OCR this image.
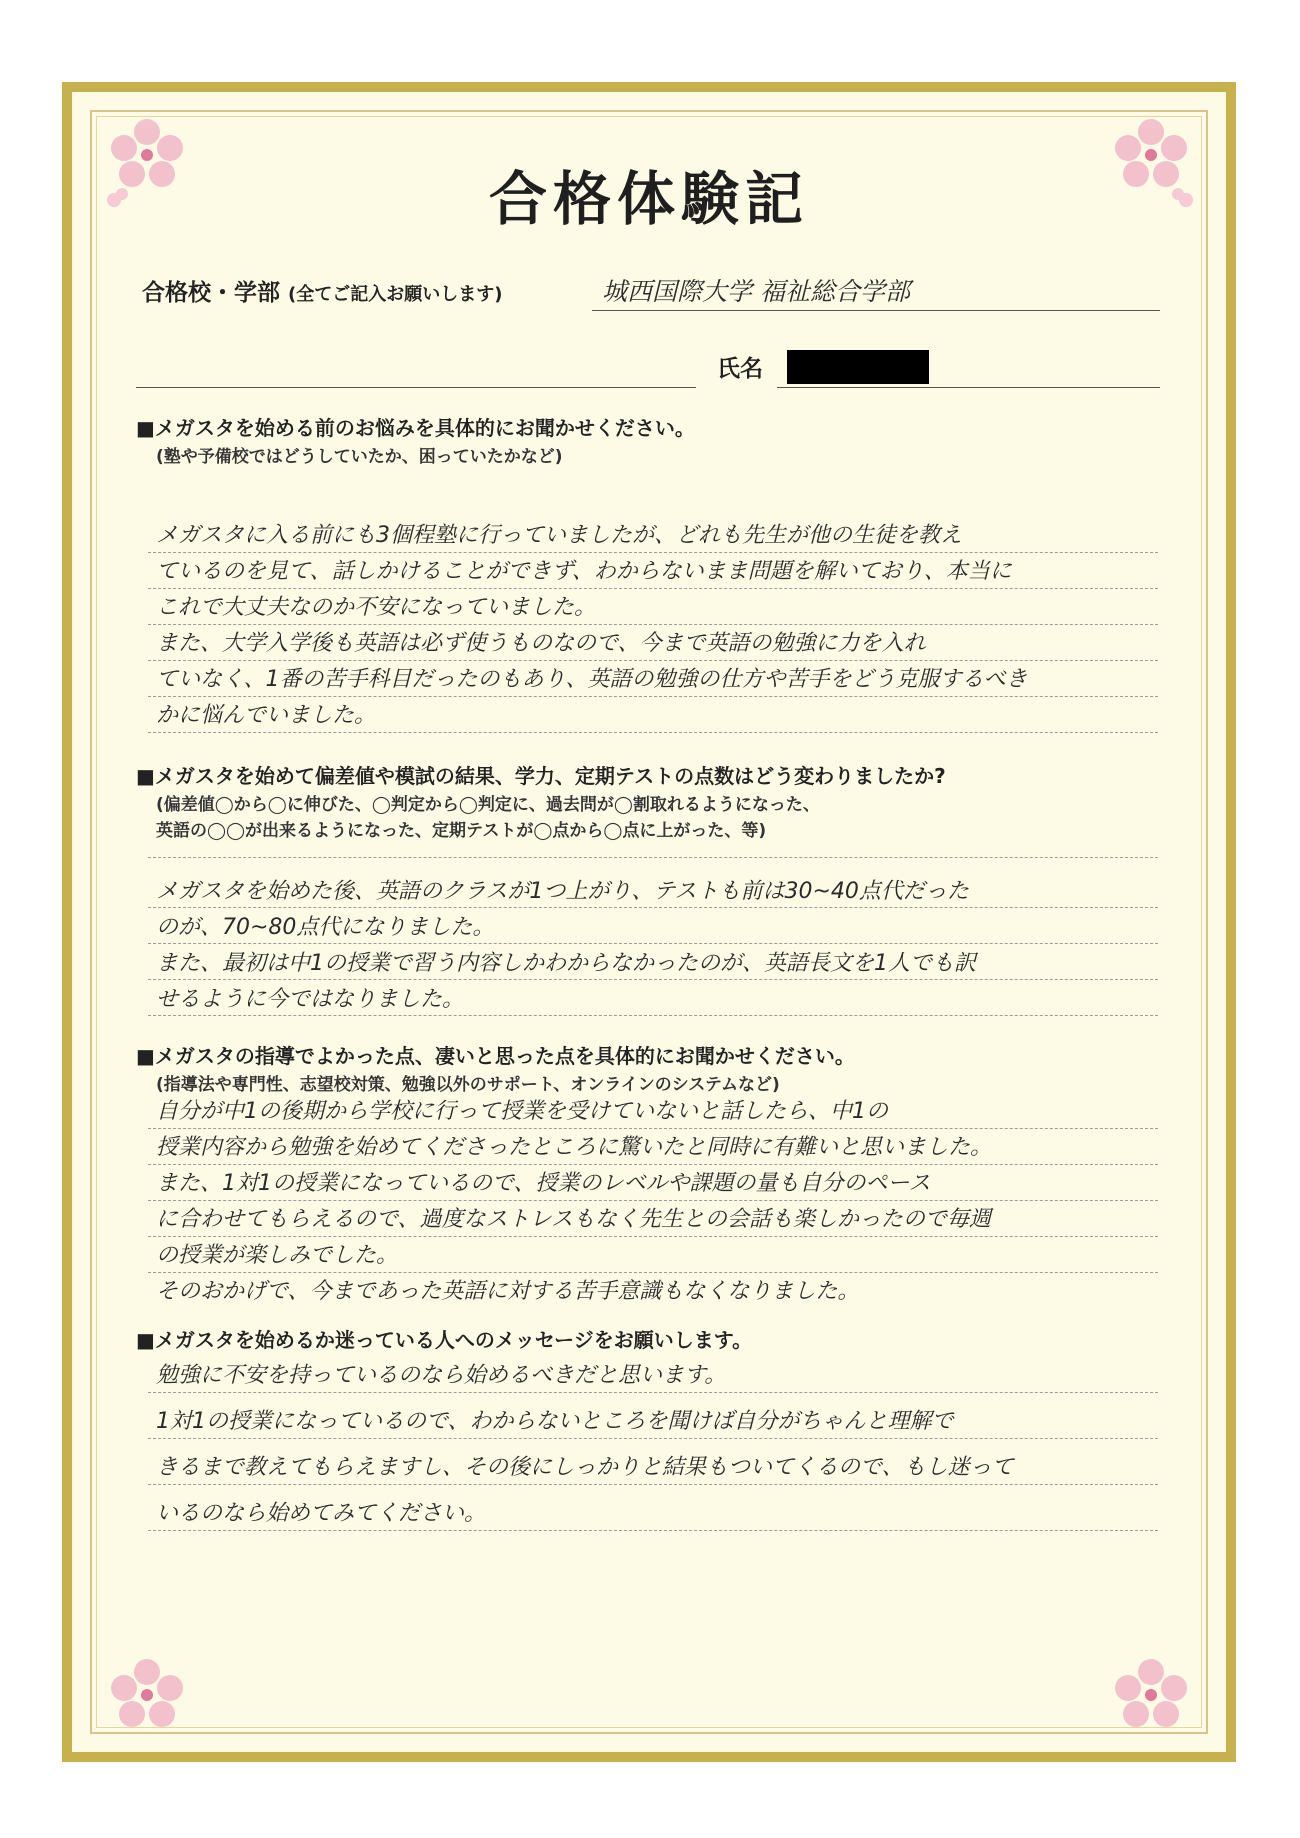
合格体験記
合格校・学部 (全てご記入お願いします)	城西国際大学 福祉総合学部
氏名
■メガスタを始める前のお悩みを具体的にお聞かせください。
(塾や予備校ではどうしていたか、困っていたかなど)
メガスタに入る前にも3個程塾に行っていましたが、どれも先生が他の生徒を教え
ているのを見て、話しかけることができず、わからないまま問題を解いており、本当に
これで大丈夫なのか不安になっていました。
また、大学入学後も英語は必ず使うものなので、今まで英語の勉強に力を入れ
ていなく、1番の苦手科目だったのもあり、英語の勉強の仕方や苦手をどう克服するべき
かに悩んでいました。
■メガスタを始めて偏差値や模試の結果、学力、定期テストの点数はどう変わりましたか?
(偏差値◯から◯に伸びた、◯判定から◯判定に、過去問が◯割取れるようになった、
英語の◯◯が出来るようになった、定期テストが◯点から◯点に上がった、等)
メガスタを始めた後、英語のクラスが1つ上がり、テストも前は30~40点代だった
のが、70~80点代になりました。
また、最初は中1の授業で習う内容しかわからなかったのが、英語長文を1人でも訳
せるように今ではなりました。
■メガスタの指導でよかった点、凄いと思った点を具体的にお聞かせください。
(指導法や専門性、志望校対策、勉強以外のサポート、オンラインのシステムなど)
自分が中1の後期から学校に行って授業を受けていないと話したら、中1の
授業内容から勉強を始めてくださったところに驚いたと同時に有難いと思いました。
また、1対1の授業になっているので、授業のレベルや課題の量も自分のペース
に合わせてもらえるので、過度なストレスもなく先生との会話も楽しかったので毎週
の授業が楽しみでした。
そのおかげで、今まであった英語に対する苦手意識もなくなりました。
■メガスタを始めるか迷っている人へのメッセージをお願いします。
勉強に不安を持っているのなら始めるべきだと思います。
1対1の授業になっているので、わからないところを聞けば自分がちゃんと理解で
きるまで教えてもらえますし、その後にしっかりと結果もついてくるので、もし迷って
いるのなら始めてみてください。
